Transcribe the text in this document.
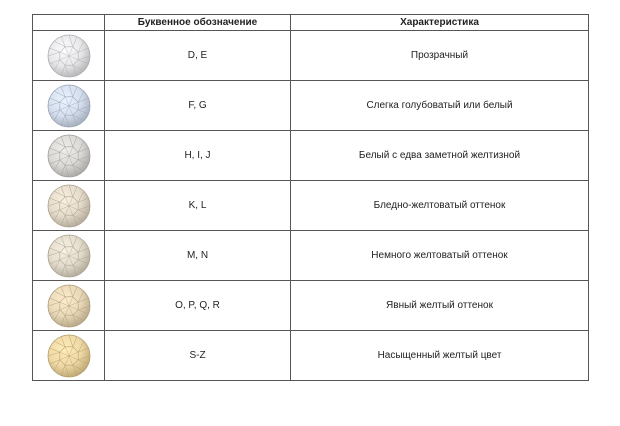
	Буквенное обозначение	Характеристика

	D, E	Прозрачный

	F, G	Слегка голубоватый или белый

	H, I, J	Белый с едва заметной желтизной

	K, L	Бледно-желтоватый оттенок

	M, N	Немного желтоватый оттенок

	O, P, Q, R	Явный желтый оттенок

	S-Z	Насыщенный желтый цвет
